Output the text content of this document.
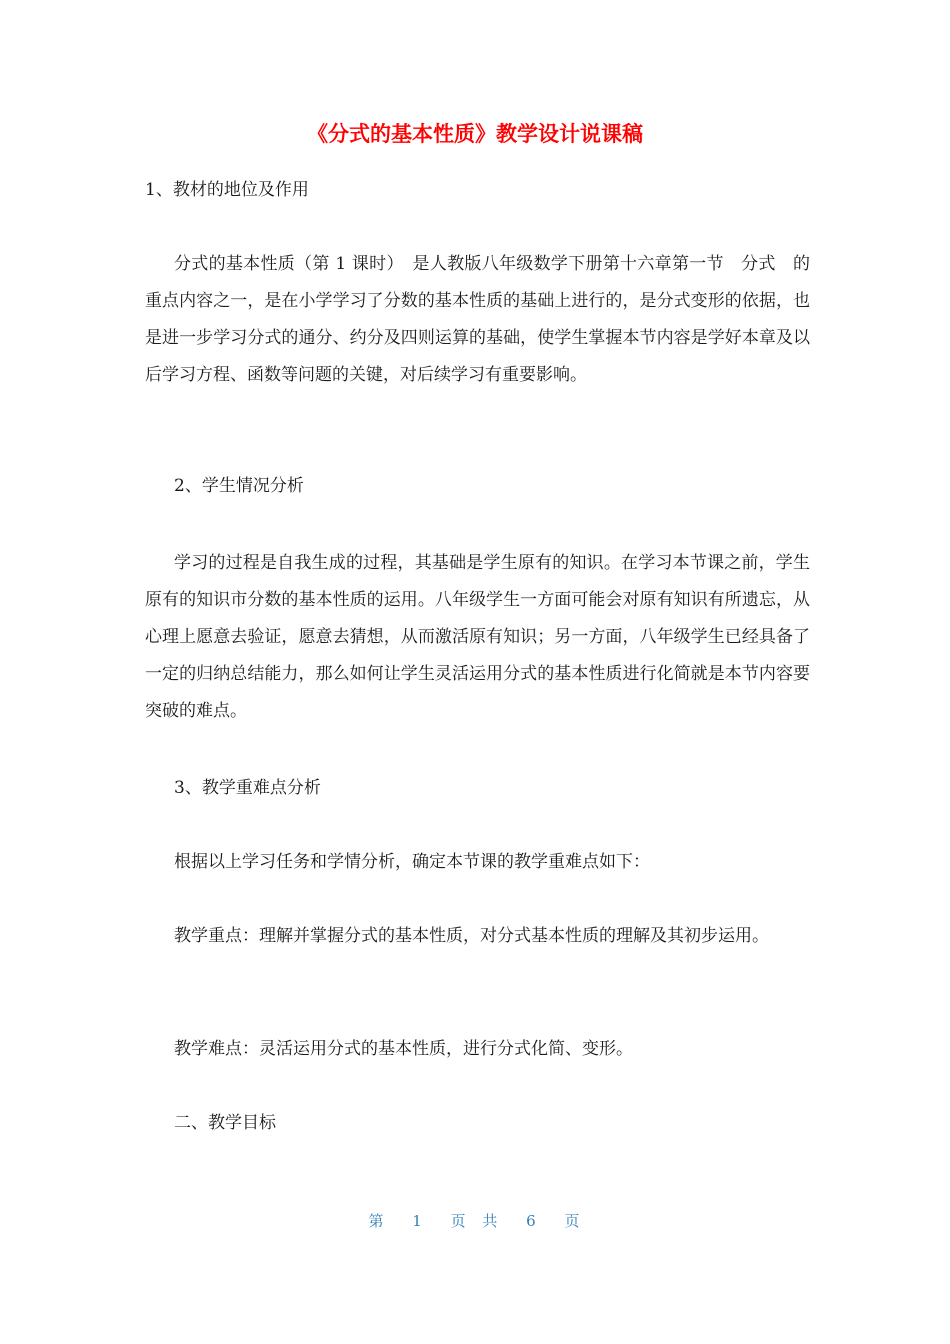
《分式的基本性质》教学设计说课稿
1、教材的地位及作用
分式的基本性质（第 1 课时）　是人教版八年级数学下册第十六章第一节　分式　的重点内容之一，是在小学学习了分数的基本性质的基础上进行的，是分式变形的依据，也是进一步学习分式的通分、约分及四则运算的基础，使学生掌握本节内容是学好本章及以后学习方程、函数等问题的关键，对后续学习有重要影响。
2、学生情况分析
学习的过程是自我生成的过程，其基础是学生原有的知识。在学习本节课之前，学生原有的知识市分数的基本性质的运用。八年级学生一方面可能会对原有知识有所遗忘，从心理上愿意去验证，愿意去猜想，从而激活原有知识；另一方面，八年级学生已经具备了一定的归纳总结能力，那么如何让学生灵活运用分式的基本性质进行化简就是本节内容要突破的难点。
3、教学重难点分析
根据以上学习任务和学情分析，确定本节课的教学重难点如下：
教学重点：理解并掌握分式的基本性质，对分式基本性质的理解及其初步运用。
教学难点：灵活运用分式的基本性质，进行分式化简、变形。
二、教学目标
第 1 页 共 6 页
